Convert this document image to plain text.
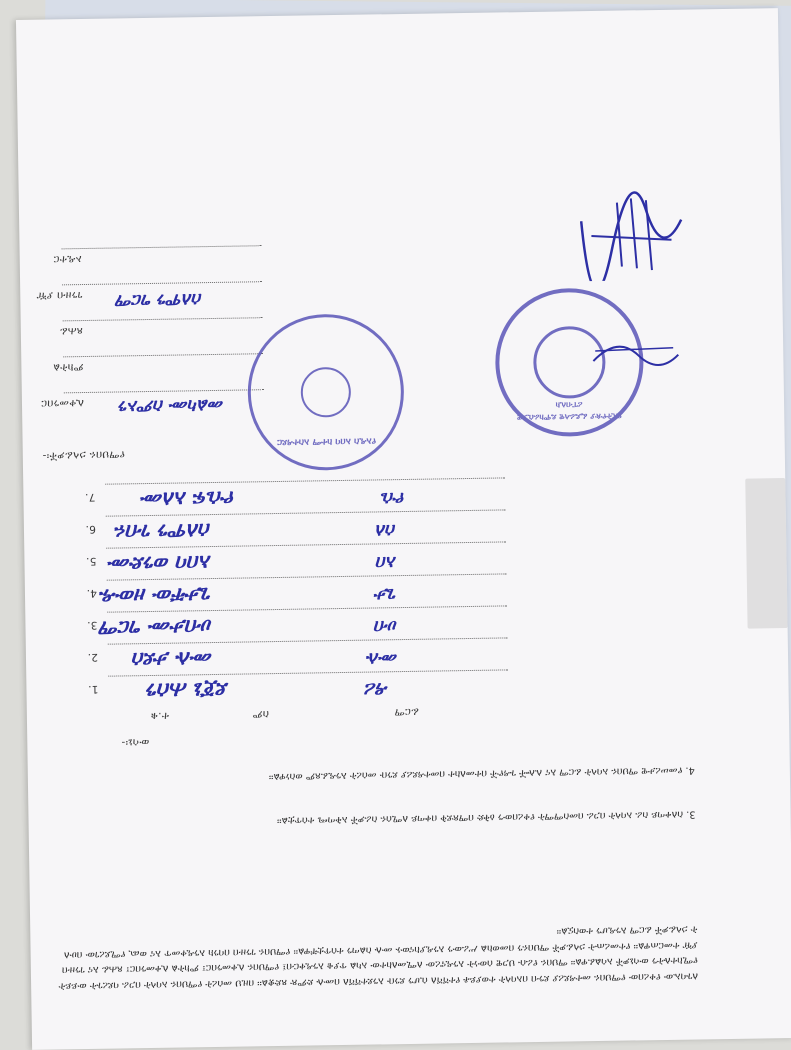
ለጉባኤው የቀረበው የማህበሩ መተዳደሪያ ደንብ በአባላት ተወያይቶ የተሻሻለ ሲሆን ደንቡ እንደተሻሻለ በሙሉ ድምጽ ጸድቋል። በዚህ መሰረት የማህበሩ አባላት በጋራ ባደረጉት ውይይት የሚከተሉትን ውሳኔዎች አሳልፈዋል። ማህበሩ የራሱ ህጋዊ ሰውነት እንዲኖረው ለሚመለከተው አካል ጥያቄ እንዲቀርብ፤ የማህበሩ ሊቀመንበር፣ ምክትል ሊቀመንበር፣ ጸሐፊ እና ገንዘብ ያዥ ተመርጠዋል። የተመረጡት ኃላፊዎች ማህበሩን በመወከል ሥራውን እንዲያከናውኑ ሙሉ ስልጣን ተሰጥቷቸዋል። የማህበሩ ገንዘብ በባንክ እንዲቀመጥ እና ወጪ የሚደረገው በሁለት ኃላፊዎች ፊርማ እንዲሆን ተወስኗል።
3. ስለቀጣይ ስራ አባላት በጋራ በመስማማት የቀረበውን ዕቅድ በማጽደቅ በቀጣይ ለሚሰሩ ስራዎች አቅጣጫ ተሰጥቷል።
4. የመሠረታዊ ማህበሩ አባላት ፊርማ እና ሌሎች ጉዳዮች በተመለከተ በመተዳደሪያ ደንቡ መሰረት እንዲፈጸም ወስነዋል።
ውሳኔ፡-
ተ.ቁ	ስም	ፊርማ
1. ደጀኔ ሐሰን	ዳሪ
2. ሙሉ ታደሰ	ሙሉ
3. ሀብታሙ ግርማ	ሀብ
4. ጌታቸው ዘውዱ	ጌታ
5. አበባ ወንድሙ	አበ
6. ሰለሞን ገብሩ	ሰለ
7. ዮሴፍ አለሙ	ዮሴ
የማህበሩ ኃላፊዎች፡-
ሊቀመንበር መልካሙ ስምኦን
ምክትል
ጸሐፊ
ገንዘብ ያዥ ሰለሞን ግርማ
ኦዲተር
የአዲስ አበባ ከተማ አስተዳደር
የኢትዮጵያ ፌዴራላዊ ዴሞክራሲያዊ ሪፐብሊክ
